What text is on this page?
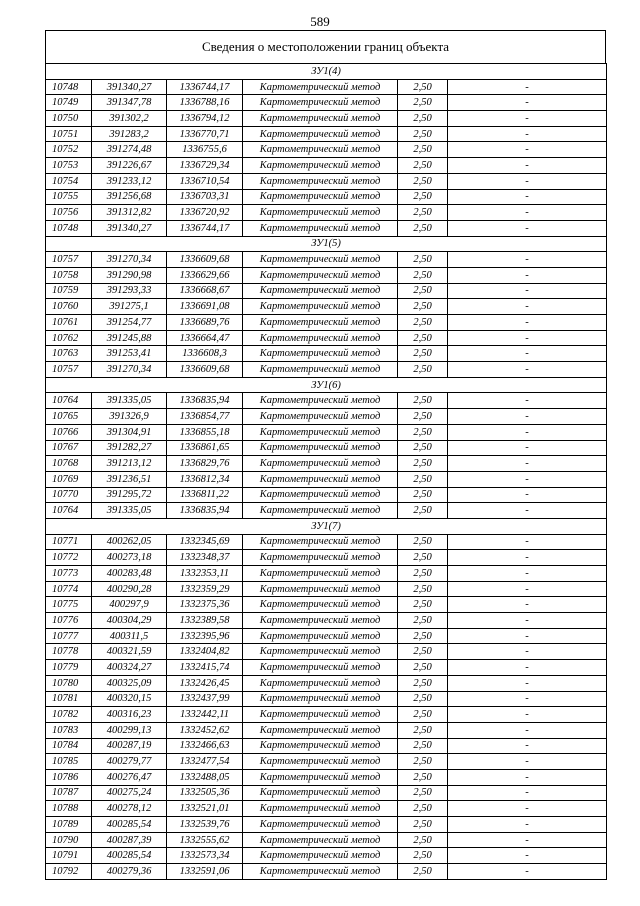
589
Сведения о местоположении границ объекта
ЗУ1(4)					
10748	391340,27	1336744,17	Картометрический метод	2,50	-
10749	391347,78	1336788,16	Картометрический метод	2,50	-
10750	391302,2	1336794,12	Картометрический метод	2,50	-
10751	391283,2	1336770,71	Картометрический метод	2,50	-
10752	391274,48	1336755,6	Картометрический метод	2,50	-
10753	391226,67	1336729,34	Картометрический метод	2,50	-
10754	391233,12	1336710,54	Картометрический метод	2,50	-
10755	391256,68	1336703,31	Картометрический метод	2,50	-
10756	391312,82	1336720,92	Картометрический метод	2,50	-
10748	391340,27	1336744,17	Картометрический метод	2,50	-
ЗУ1(5)					
10757	391270,34	1336609,68	Картометрический метод	2,50	-
10758	391290,98	1336629,66	Картометрический метод	2,50	-
10759	391293,33	1336668,67	Картометрический метод	2,50	-
10760	391275,1	1336691,08	Картометрический метод	2,50	-
10761	391254,77	1336689,76	Картометрический метод	2,50	-
10762	391245,88	1336664,47	Картометрический метод	2,50	-
10763	391253,41	1336608,3	Картометрический метод	2,50	-
10757	391270,34	1336609,68	Картометрический метод	2,50	-
ЗУ1(6)					
10764	391335,05	1336835,94	Картометрический метод	2,50	-
10765	391326,9	1336854,77	Картометрический метод	2,50	-
10766	391304,91	1336855,18	Картометрический метод	2,50	-
10767	391282,27	1336861,65	Картометрический метод	2,50	-
10768	391213,12	1336829,76	Картометрический метод	2,50	-
10769	391236,51	1336812,34	Картометрический метод	2,50	-
10770	391295,72	1336811,22	Картометрический метод	2,50	-
10764	391335,05	1336835,94	Картометрический метод	2,50	-
ЗУ1(7)					
10771	400262,05	1332345,69	Картометрический метод	2,50	-
10772	400273,18	1332348,37	Картометрический метод	2,50	-
10773	400283,48	1332353,11	Картометрический метод	2,50	-
10774	400290,28	1332359,29	Картометрический метод	2,50	-
10775	400297,9	1332375,36	Картометрический метод	2,50	-
10776	400304,29	1332389,58	Картометрический метод	2,50	-
10777	400311,5	1332395,96	Картометрический метод	2,50	-
10778	400321,59	1332404,82	Картометрический метод	2,50	-
10779	400324,27	1332415,74	Картометрический метод	2,50	-
10780	400325,09	1332426,45	Картометрический метод	2,50	-
10781	400320,15	1332437,99	Картометрический метод	2,50	-
10782	400316,23	1332442,11	Картометрический метод	2,50	-
10783	400299,13	1332452,62	Картометрический метод	2,50	-
10784	400287,19	1332466,63	Картометрический метод	2,50	-
10785	400279,77	1332477,54	Картометрический метод	2,50	-
10786	400276,47	1332488,05	Картометрический метод	2,50	-
10787	400275,24	1332505,36	Картометрический метод	2,50	-
10788	400278,12	1332521,01	Картометрический метод	2,50	-
10789	400285,54	1332539,76	Картометрический метод	2,50	-
10790	400287,39	1332555,62	Картометрический метод	2,50	-
10791	400285,54	1332573,34	Картометрический метод	2,50	-
10792	400279,36	1332591,06	Картометрический метод	2,50	-
